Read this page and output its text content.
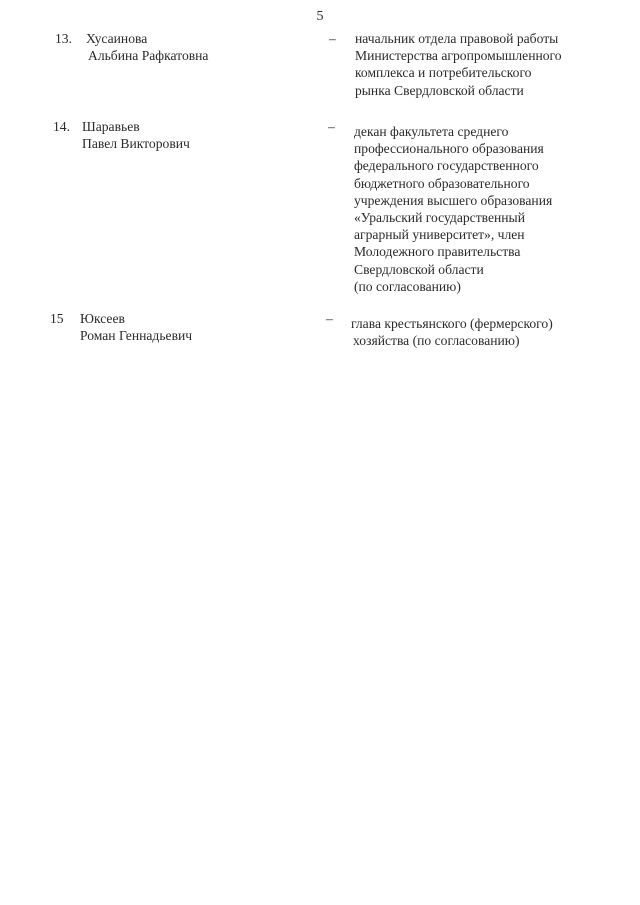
5
13. Хусаинова
Альбина Рафкатовна
– начальник отдела правовой работы
Министерства агропромышленного
комплекса и потребительского
рынка Свердловской области
14. Шаравьев
Павел Викторович
– декан факультета среднего
профессионального образования
федерального государственного
бюджетного образовательного
учреждения высшего образования
«Уральский государственный
аграрный университет», член
Молодежного правительства
Свердловской области
(по согласованию)
15 Юксеев
Роман Геннадьевич
– глава крестьянского (фермерского)
хозяйства (по согласованию)
